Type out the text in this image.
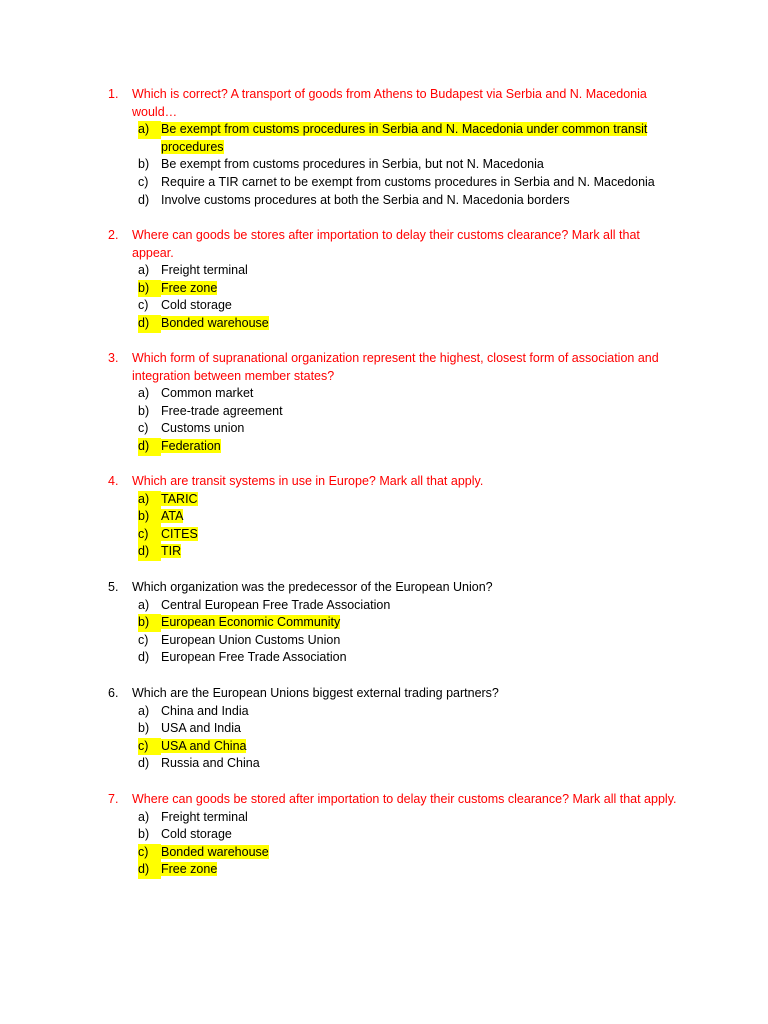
1.	Which is correct? A transport of goods from Athens to Budapest via Serbia and N. Macedonia would…
a) Be exempt from customs procedures in Serbia and N. Macedonia under common transit procedures
b) Be exempt from customs procedures in Serbia, but not N. Macedonia
c)	Require a TIR carnet to be exempt from customs procedures in Serbia and N. Macedonia
d) Involve customs procedures at both the Serbia and N. Macedonia borders
2.	Where can goods be stores after importation to delay their customs clearance? Mark all that appear.
a) Freight terminal
b) Free zone
c)	Cold storage
d) Bonded warehouse
3.	Which form of supranational organization represent the highest, closest form of association and integration between member states?
a) Common market
b) Free-trade agreement
c)	Customs union
d) Federation
4.	Which are transit systems in use in Europe? Mark all that apply.
a) TARIC
b) ATA
c)	CITES
d) TIR
5.	Which organization was the predecessor of the European Union?
a) Central European Free Trade Association
b) European Economic Community
c)	European Union Customs Union
d) European Free Trade Association
6.	Which are the European Unions biggest external trading partners?
a) China and India
b) USA and India
c)	USA and China
d) Russia and China
7.	Where can goods be stored after importation to delay their customs clearance? Mark all that apply.
a) Freight terminal
b) Cold storage
c)	Bonded warehouse
d) Free zone
